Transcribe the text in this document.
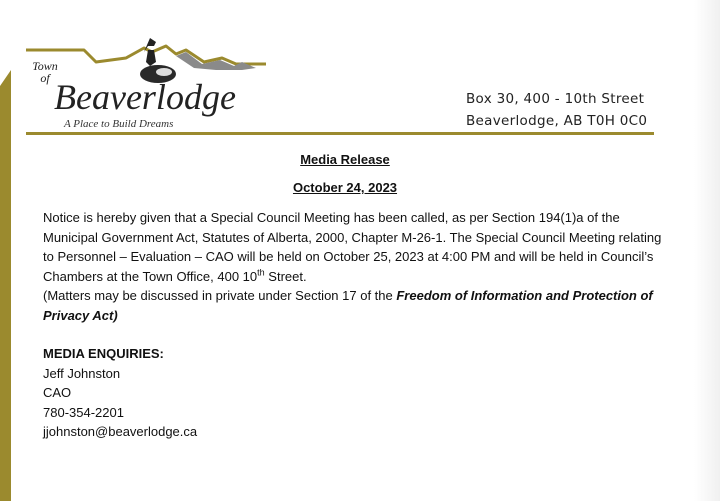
Town of Beaverlodge
A Place to Build Dreams
Box 30, 400 - 10th Street
Beaverlodge, AB T0H 0C0
Media Release
October 24, 2023

Notice is hereby given that a Special Council Meeting has been called, as per Section 194(1)a of the Municipal Government Act, Statutes of Alberta, 2000, Chapter M-26-1. The Special Council Meeting relating to Personnel – Evaluation – CAO will be held on October 25, 2023 at 4:00 PM and will be held in Council’s Chambers at the Town Office, 400 10th Street.

(Matters may be discussed in private under Section 17 of the Freedom of Information and Protection of Privacy Act)

MEDIA ENQUIRIES:
Jeff Johnston
CAO
780-354-2201
jjohnston@beaverlodge.ca
